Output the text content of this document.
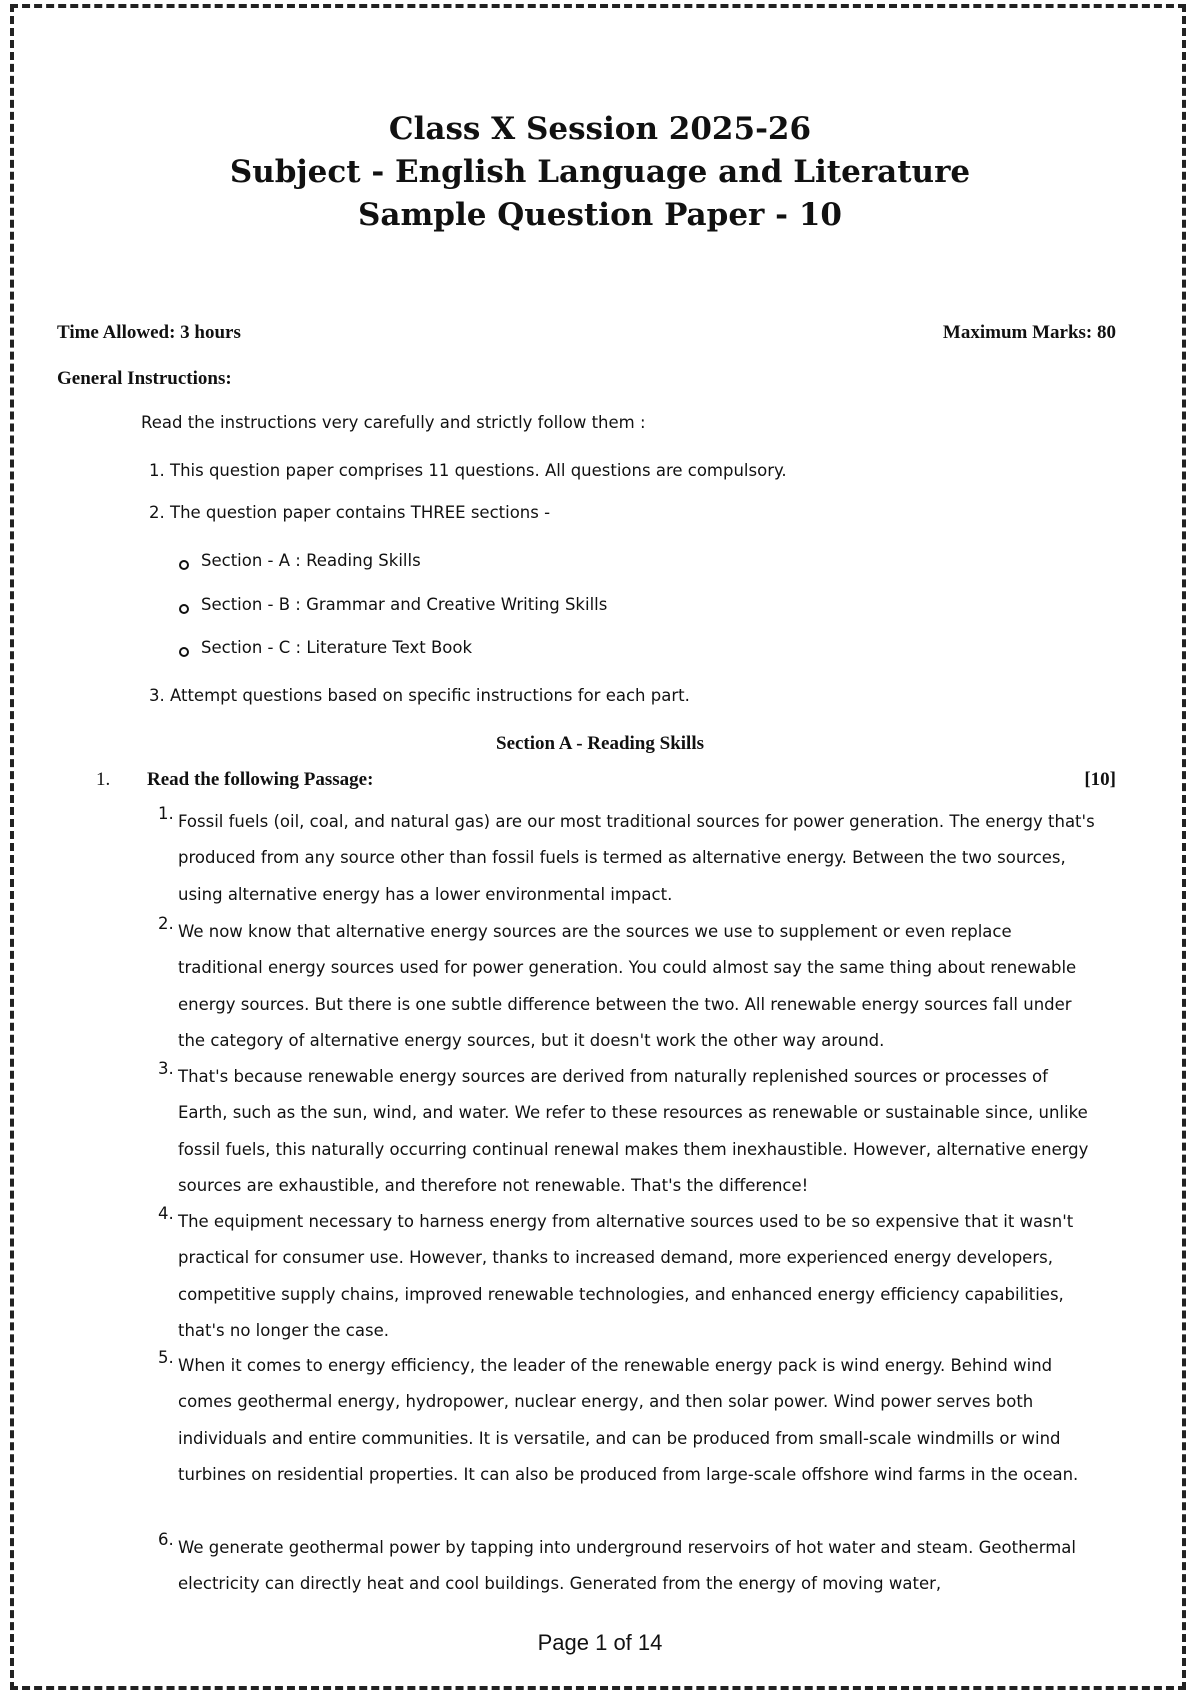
Class X Session 2025-26
Subject - English Language and Literature
Sample Question Paper - 10
Time Allowed: 3 hours	Maximum Marks: 80
General Instructions:
Read the instructions very carefully and strictly follow them :
1. This question paper comprises 11 questions. All questions are compulsory.
2. The question paper contains THREE sections -
Section - A : Reading Skills
Section - B : Grammar and Creative Writing Skills
Section - C : Literature Text Book
3. Attempt questions based on specific instructions for each part.
Section A - Reading Skills
1. Read the following Passage:	[10]
1. Fossil fuels (oil, coal, and natural gas) are our most traditional sources for power generation. The energy that's produced from any source other than fossil fuels is termed as alternative energy. Between the two sources, using alternative energy has a lower environmental impact.
2. We now know that alternative energy sources are the sources we use to supplement or even replace traditional energy sources used for power generation. You could almost say the same thing about renewable energy sources. But there is one subtle difference between the two. All renewable energy sources fall under the category of alternative energy sources, but it doesn't work the other way around.
3. That's because renewable energy sources are derived from naturally replenished sources or processes of Earth, such as the sun, wind, and water. We refer to these resources as renewable or sustainable since, unlike fossil fuels, this naturally occurring continual renewal makes them inexhaustible. However, alternative energy sources are exhaustible, and therefore not renewable. That's the difference!
4. The equipment necessary to harness energy from alternative sources used to be so expensive that it wasn't practical for consumer use. However, thanks to increased demand, more experienced energy developers, competitive supply chains, improved renewable technologies, and enhanced energy efficiency capabilities, that's no longer the case.
5. When it comes to energy efficiency, the leader of the renewable energy pack is wind energy. Behind wind comes geothermal energy, hydropower, nuclear energy, and then solar power. Wind power serves both individuals and entire communities. It is versatile, and can be produced from small-scale windmills or wind turbines on residential properties. It can also be produced from large-scale offshore wind farms in the ocean.
6. We generate geothermal power by tapping into underground reservoirs of hot water and steam. Geothermal electricity can directly heat and cool buildings. Generated from the energy of moving water,
Page 1 of 14
